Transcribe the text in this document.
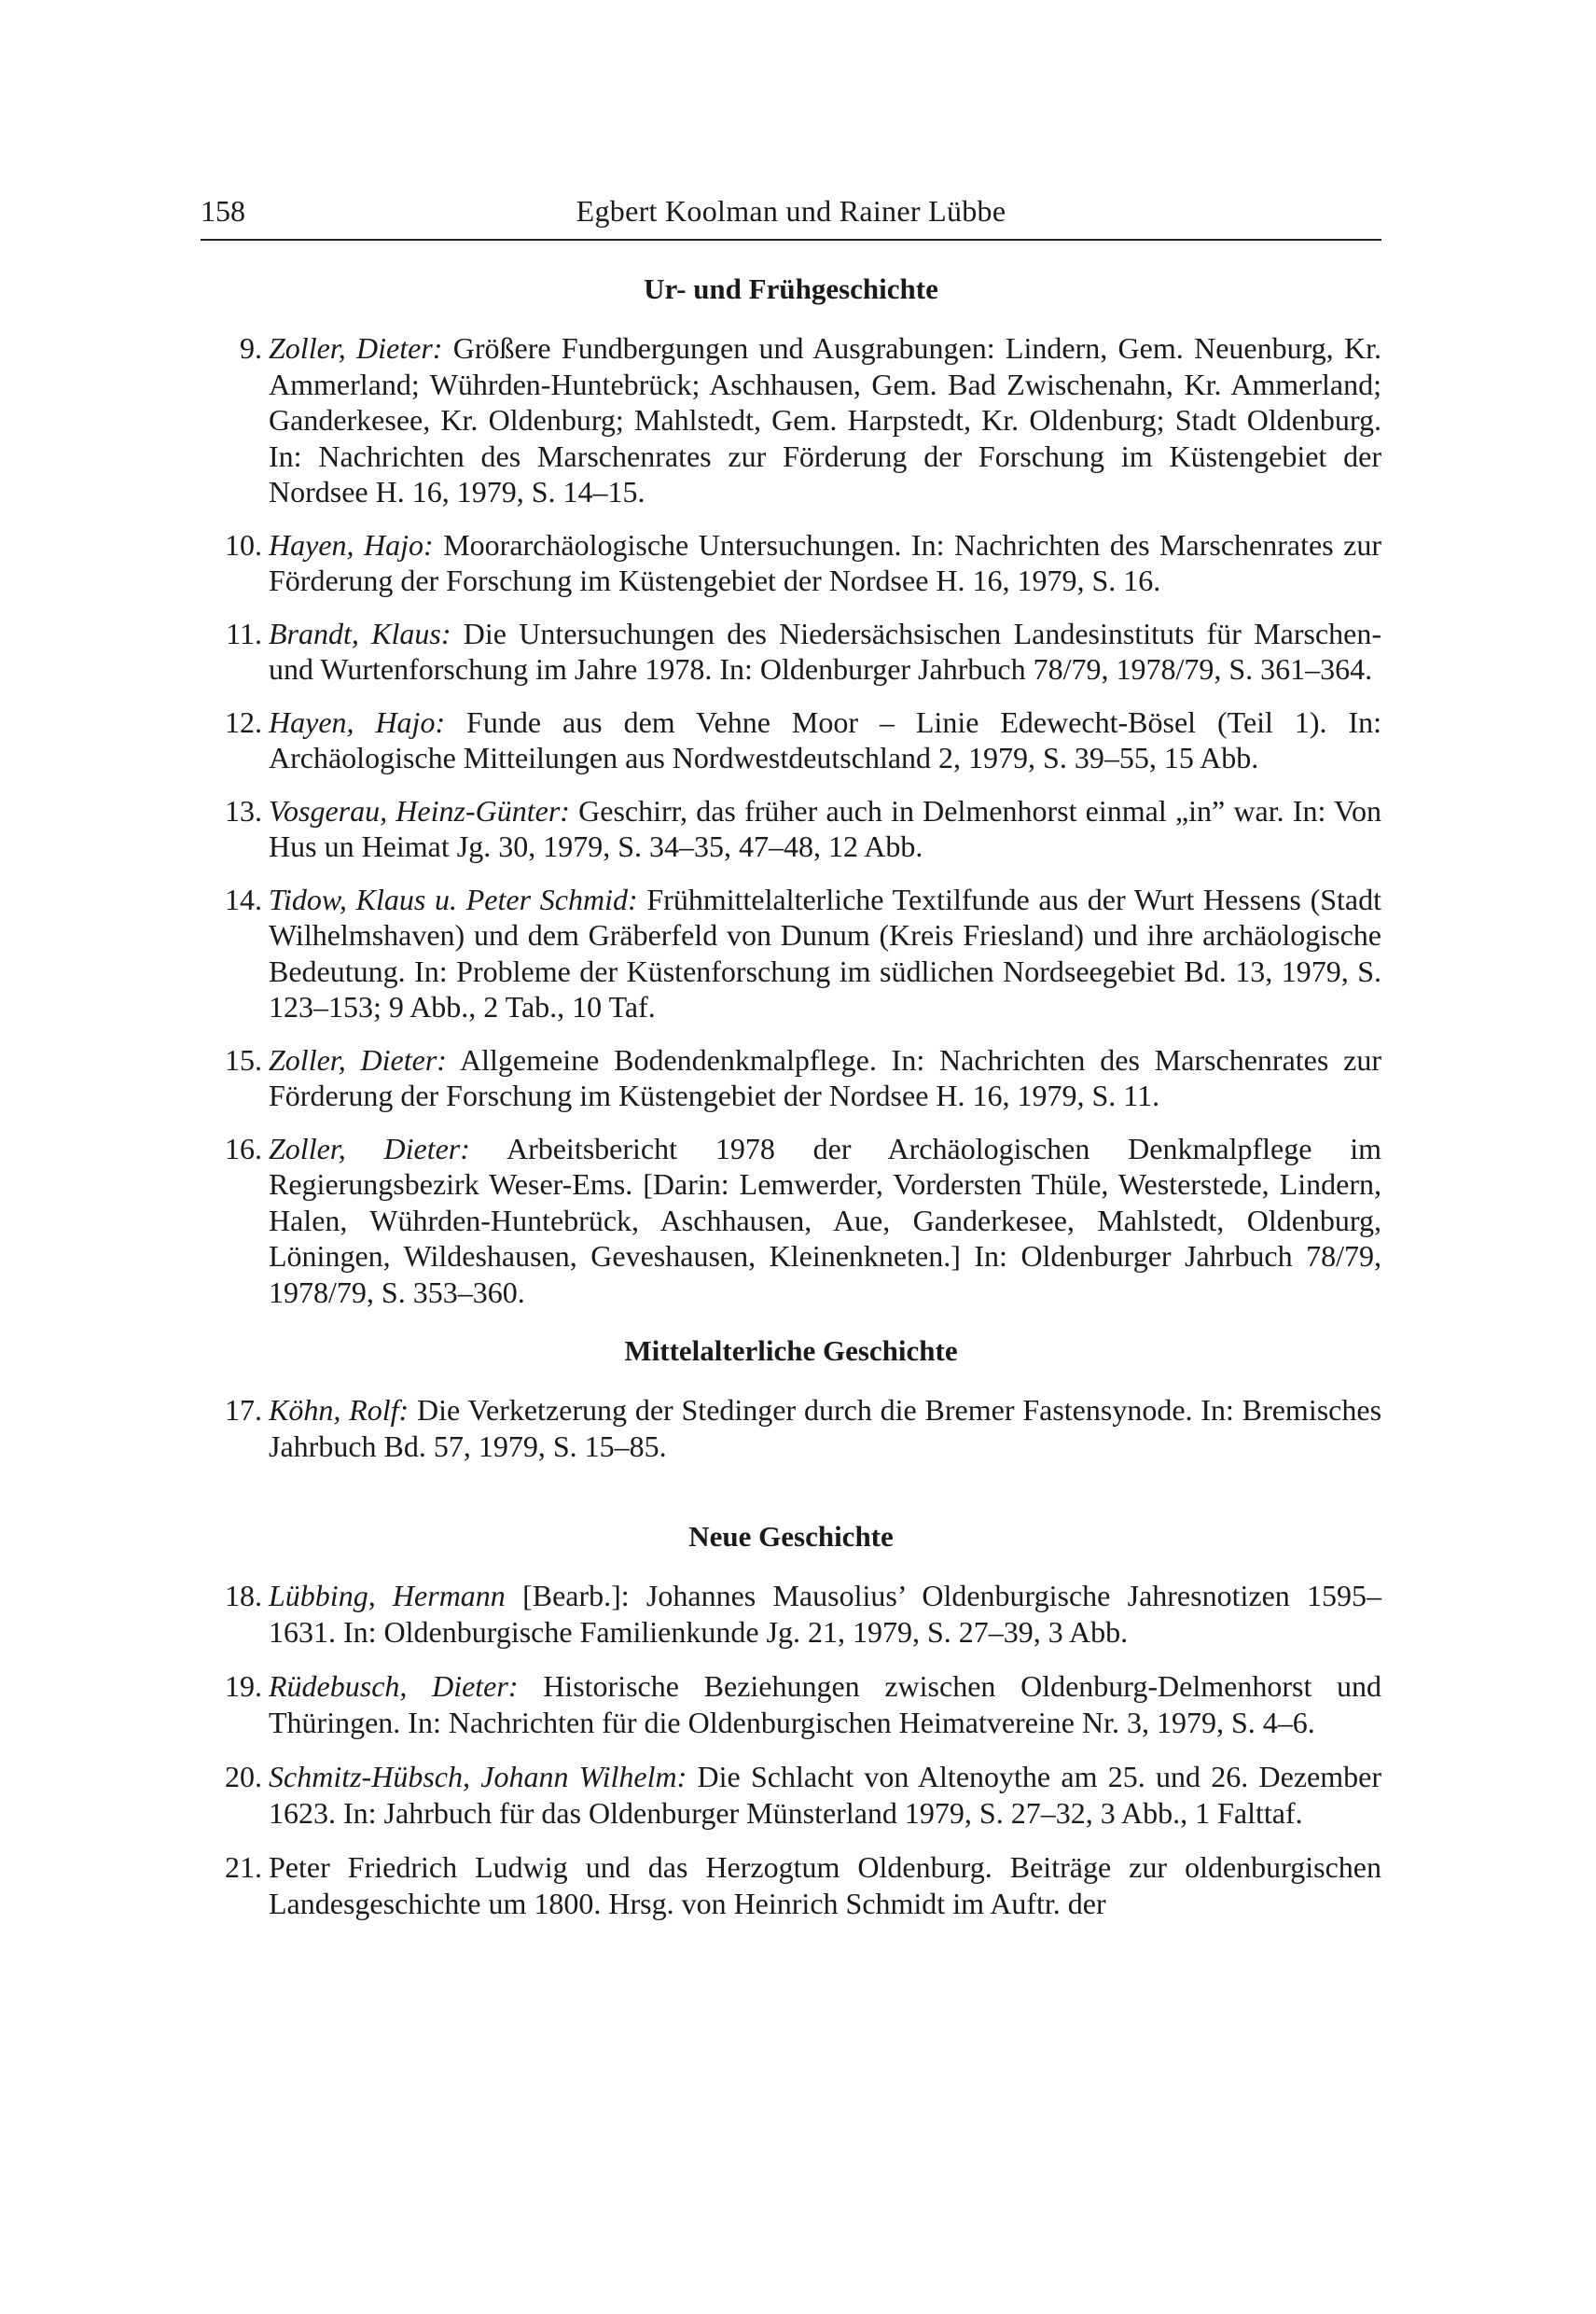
158	Egbert Koolman und Rainer Lübbe
Ur- und Frühgeschichte
9. Zoller, Dieter: Größere Fundbergungen und Ausgrabungen: Lindern, Gem. Neuenburg, Kr. Ammerland; Wührden-Huntebrück; Aschhausen, Gem. Bad Zwischenahn, Kr. Ammerland; Ganderkesee, Kr. Oldenburg; Mahlstedt, Gem. Harpstedt, Kr. Oldenburg; Stadt Oldenburg. In: Nachrichten des Marschenrates zur Förderung der Forschung im Küstengebiet der Nordsee H. 16, 1979, S. 14–15.
10. Hayen, Hajo: Moorarchäologische Untersuchungen. In: Nachrichten des Marschenrates zur Förderung der Forschung im Küstengebiet der Nordsee H. 16, 1979, S. 16.
11. Brandt, Klaus: Die Untersuchungen des Niedersächsischen Landesinstituts für Marschen- und Wurtenforschung im Jahre 1978. In: Oldenburger Jahrbuch 78/79, 1978/79, S. 361–364.
12. Hayen, Hajo: Funde aus dem Vehne Moor – Linie Edewecht-Bösel (Teil 1). In: Archäologische Mitteilungen aus Nordwestdeutschland 2, 1979, S. 39–55, 15 Abb.
13. Vosgerau, Heinz-Günter: Geschirr, das früher auch in Delmenhorst einmal „in” war. In: Von Hus un Heimat Jg. 30, 1979, S. 34–35, 47–48, 12 Abb.
14. Tidow, Klaus u. Peter Schmid: Frühmittelalterliche Textilfunde aus der Wurt Hessens (Stadt Wilhelmshaven) und dem Gräberfeld von Dunum (Kreis Friesland) und ihre archäologische Bedeutung. In: Probleme der Küstenforschung im südlichen Nordseegebiet Bd. 13, 1979, S. 123–153; 9 Abb., 2 Tab., 10 Taf.
15. Zoller, Dieter: Allgemeine Bodendenkmalpflege. In: Nachrichten des Marschenrates zur Förderung der Forschung im Küstengebiet der Nordsee H. 16, 1979, S. 11.
16. Zoller, Dieter: Arbeitsbericht 1978 der Archäologischen Denkmalpflege im Regierungsbezirk Weser-Ems. [Darin: Lemwerder, Vordersten Thüle, Westerstede, Lindern, Halen, Wührden-Huntebrück, Aschhausen, Aue, Ganderkesee, Mahlstedt, Oldenburg, Löningen, Wildeshausen, Geveshausen, Kleinenkneten.] In: Oldenburger Jahrbuch 78/79, 1978/79, S. 353–360.
Mittelalterliche Geschichte
17. Köhn, Rolf: Die Verketzerung der Stedinger durch die Bremer Fastensynode. In: Bremisches Jahrbuch Bd. 57, 1979, S. 15–85.
Neue Geschichte
18. Lübbing, Hermann [Bearb.]: Johannes Mausolius’ Oldenburgische Jahresnotizen 1595–1631. In: Oldenburgische Familienkunde Jg. 21, 1979, S. 27–39, 3 Abb.
19. Rüdebusch, Dieter: Historische Beziehungen zwischen Oldenburg-Delmenhorst und Thüringen. In: Nachrichten für die Oldenburgischen Heimatvereine Nr. 3, 1979, S. 4–6.
20. Schmitz-Hübsch, Johann Wilhelm: Die Schlacht von Altenoythe am 25. und 26. Dezember 1623. In: Jahrbuch für das Oldenburger Münsterland 1979, S. 27–32, 3 Abb., 1 Falttaf.
21. Peter Friedrich Ludwig und das Herzogtum Oldenburg. Beiträge zur oldenburgischen Landesgeschichte um 1800. Hrsg. von Heinrich Schmidt im Auftr. der
